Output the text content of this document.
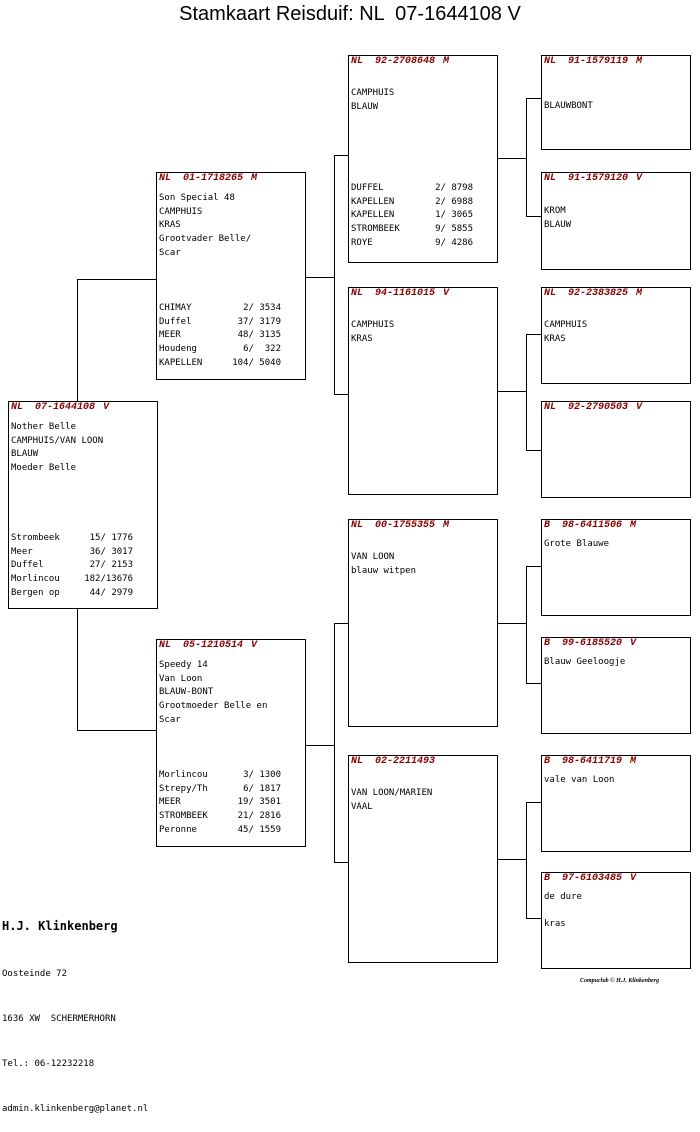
Stamkaart Reisduif: NL  07-1644108 V
NL 07-1644108 V
Nother Belle
CAMPHUIS/VAN LOON
BLAUW
Moeder Belle
Strombeek	15/ 1776
Meer	36/ 3017
Duffel	27/ 2153
Morlincou	182/13676
Bergen op	44/ 2979
NL 01-1718265 M
Son Special 48
CAMPHUIS
KRAS
Grootvader Belle/
Scar
CHIMAY	2/ 3534
Duffel	37/ 3179
MEER	48/ 3135
Houdeng	6/  322
KAPELLEN	104/ 5040
NL 05-1210514 V
Speedy 14
Van Loon
BLAUW-BONT
Grootmoeder Belle en
Scar
Morlincou	3/ 1300
Strepy/Th	6/ 1817
MEER	19/ 3501
STROMBEEK	21/ 2816
Peronne	45/ 1559
NL 92-2708648 M
CAMPHUIS
BLAUW
DUFFEL	2/ 8798
KAPELLEN	2/ 6988
KAPELLEN	1/ 3065
STROMBEEK	9/ 5855
ROYE	9/ 4286
NL 94-1161015 V
CAMPHUIS
KRAS
NL 00-1755355 M
VAN LOON
blauw witpen
NL 02-2211493
VAN LOON/MARIEN
VAAL
NL 91-1579119 M
BLAUWBONT
NL 91-1579120 V
KROM
BLAUW
NL 92-2383825 M
CAMPHUIS
KRAS
NL 92-2790503 V
B 98-6411506 M
Grote Blauwe
B 99-6185520 V
Blauw Geeloogje
B 98-6411719 M
vale van Loon
B 97-6103485 V
de dure

kras

H.J. Klinkenberg

Oosteinde 72

1636 XW  SCHERMERHORN

Tel.: 06-12232218

admin.klinkenberg@planet.nl

Compuclub © H.J. Klinkenberg
